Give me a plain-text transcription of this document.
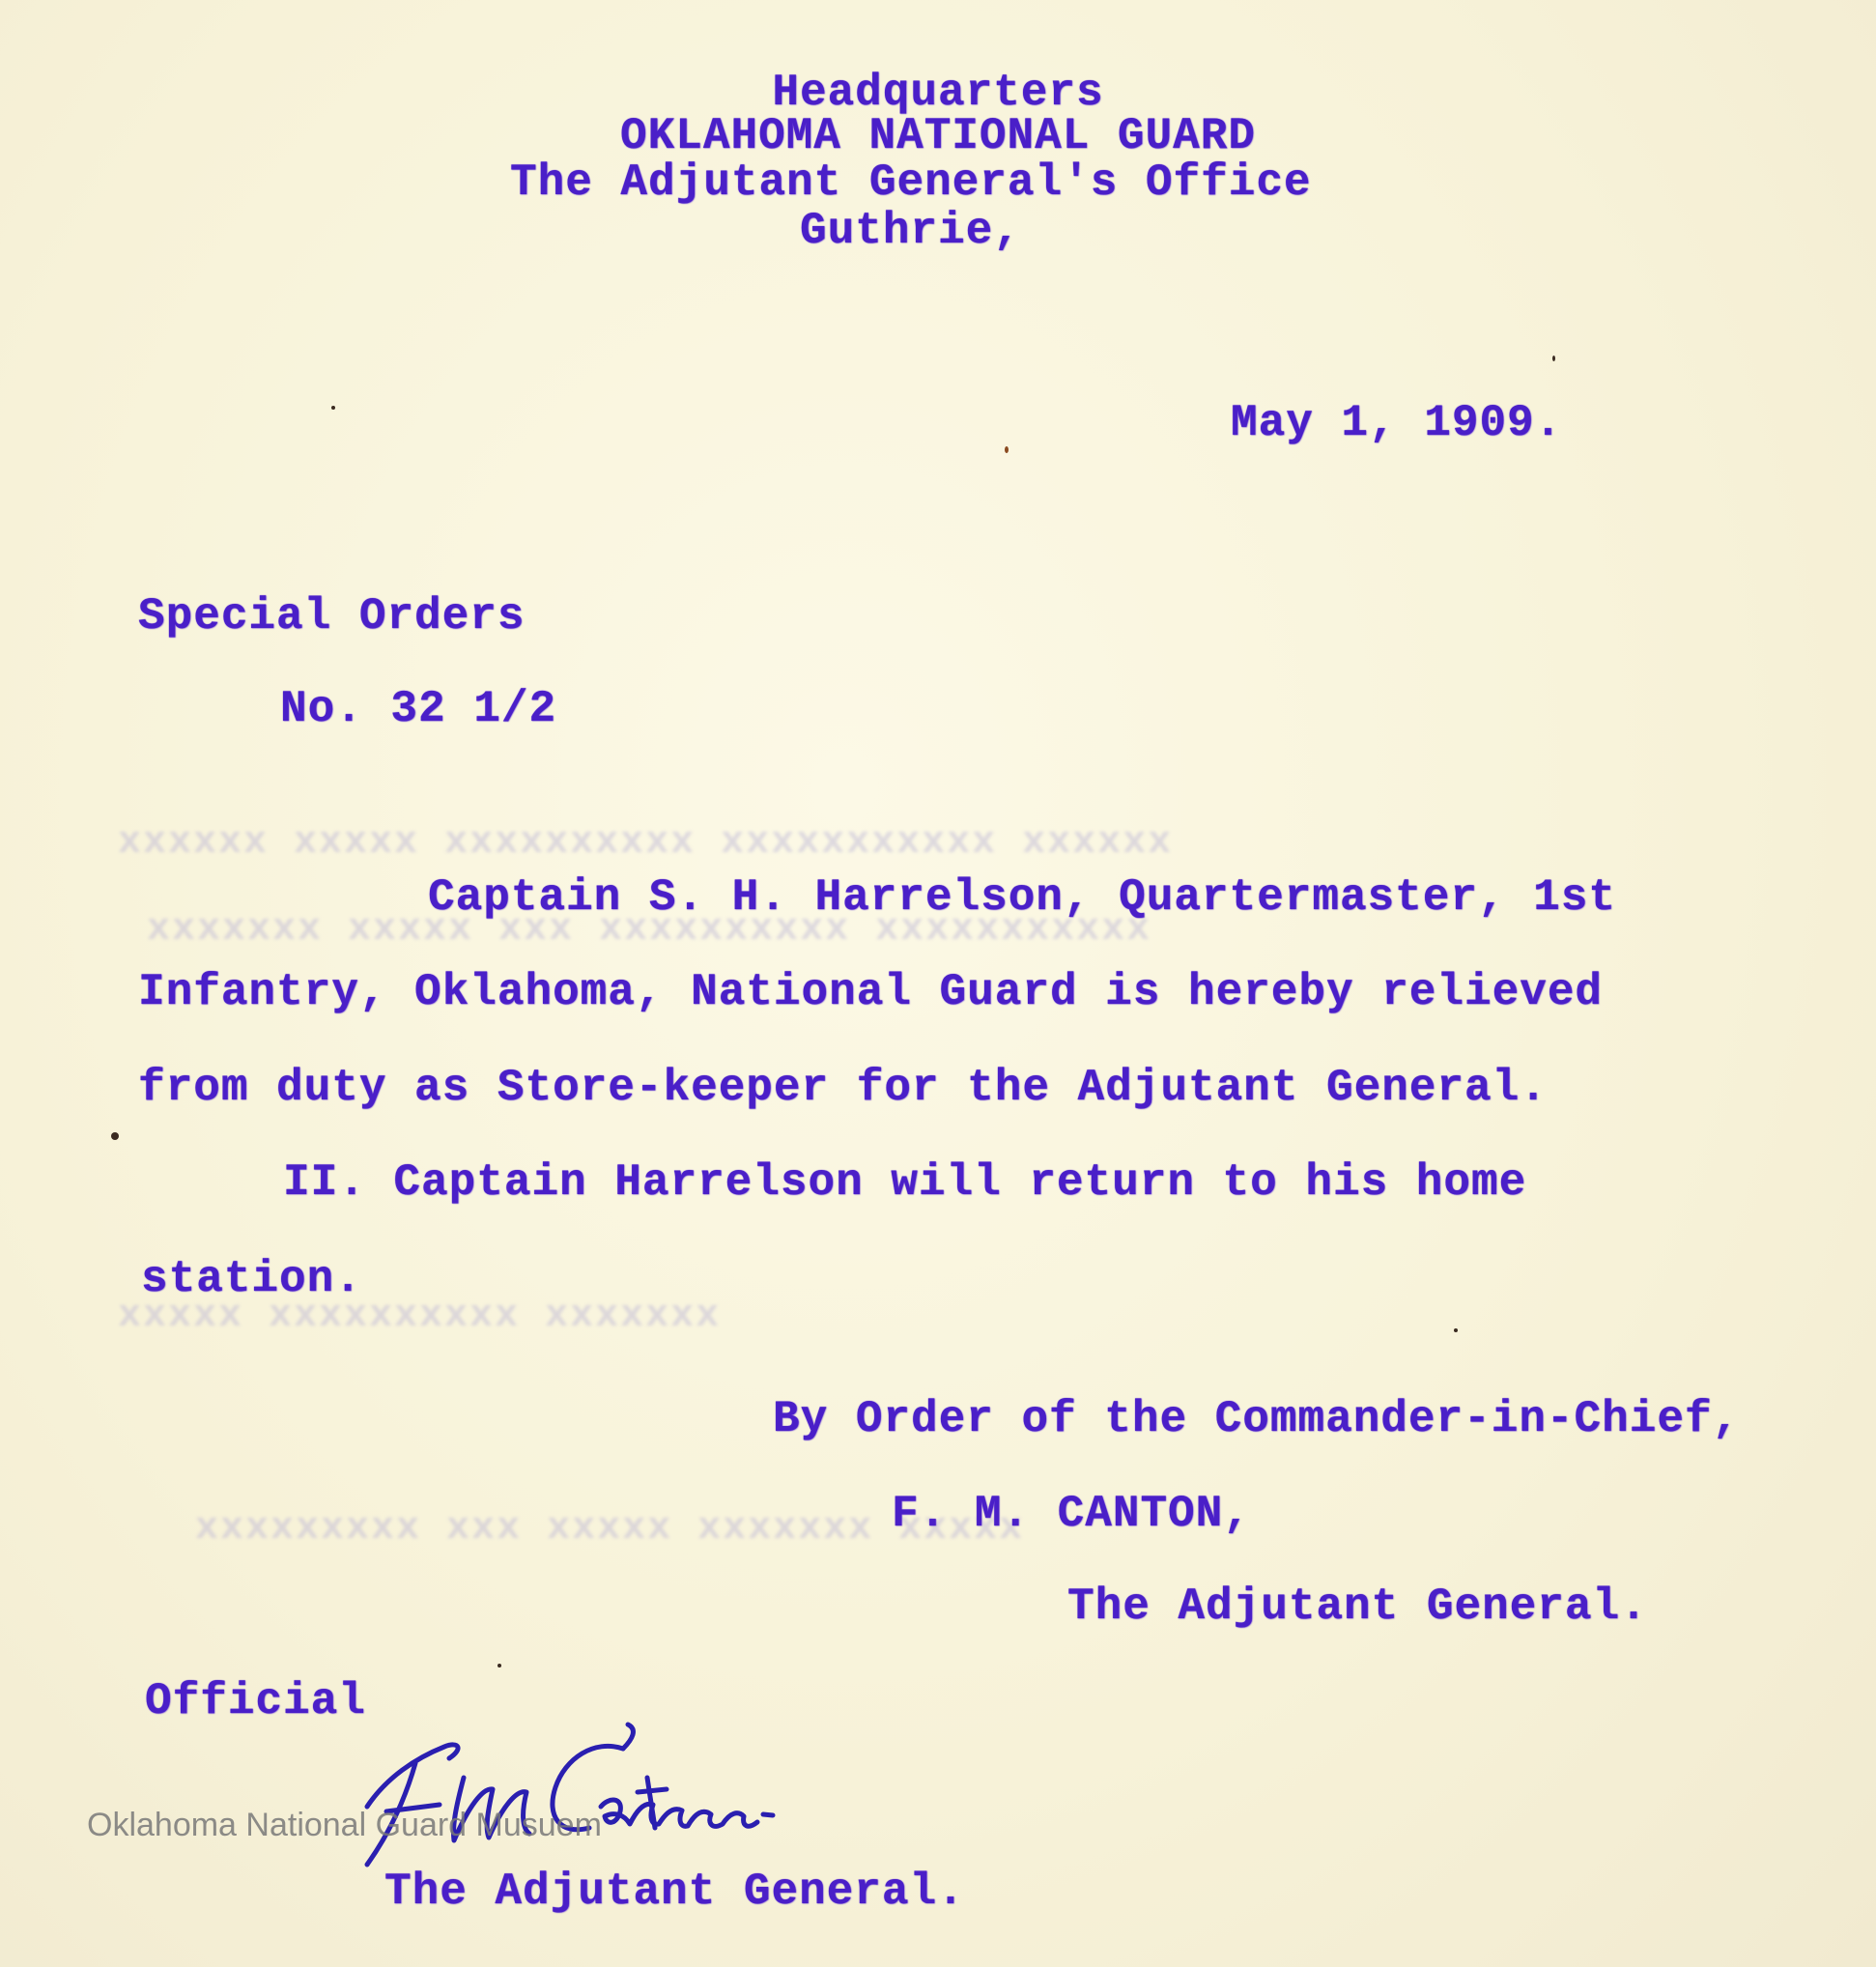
xxxxxx xxxxxxxxxxx xxxxxxxxxx xxxxx xxxxxx
xxxxxxxxxxx xxxxxxxxxx xxx xxxxx xxxxxxx
xxxxxxx xxxxxxxxxx xxxxx
xxxxx xxxxxxx xxxxx xxx xxxxxxxxx
Headquarters
OKLAHOMA NATIONAL GUARD
The Adjutant General's Office
Guthrie,
May 1, 1909.
Special Orders
No. 32 1/2
Captain S. H. Harrelson, Quartermaster, 1st
Infantry, Oklahoma, National Guard is hereby relieved
from duty as Store-keeper for the Adjutant General.
II. Captain Harrelson will return to his home
station.
By Order of the Commander-in-Chief,
F. M. CANTON,
The Adjutant General.
Official
The Adjutant General.
Oklahoma National Guard Musuem
